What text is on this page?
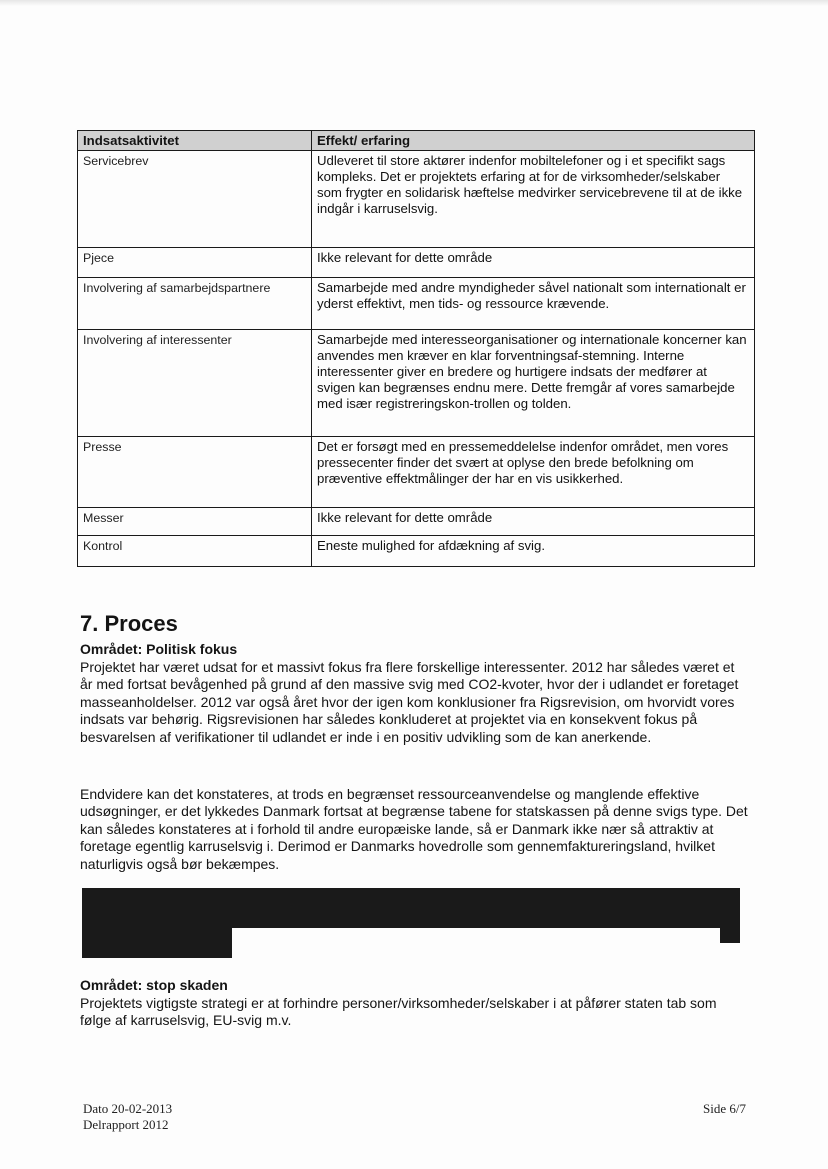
Indsatsaktivitet	Effekt/ erfaring
Servicebrev	Udleveret til store aktører indenfor mobiltelefoner og i et specifikt sags kompleks. Det er projektets erfaring at for de virksomheder/selskaber som frygter en solidarisk hæftelse medvirker servicebrevene til at de ikke indgår i karruselsvig.
Pjece	Ikke relevant for dette område
Involvering af samarbejdspartnere	Samarbejde med andre myndigheder såvel nationalt som internationalt er yderst effektivt, men tids- og ressource krævende.
Involvering af interessenter	Samarbejde med interesseorganisationer og internationale koncerner kan anvendes men kræver en klar forventningsaf-stemning. Interne interessenter giver en bredere og hurtigere indsats der medfører at svigen kan begrænses endnu mere. Dette fremgår af vores samarbejde med især registreringskon-trollen og tolden.
Presse	Det er forsøgt med en pressemeddelelse indenfor området, men vores pressecenter finder det svært at oplyse den brede befolkning om præventive effektmålinger der har en vis usikkerhed.
Messer	Ikke relevant for dette område
Kontrol	Eneste mulighed for afdækning af svig.
7. Proces
Området: Politisk fokus

Projektet har været udsat for et massivt fokus fra flere forskellige interessenter. 2012 har således været et år med fortsat bevågenhed på grund af den massive svig med CO2-kvoter, hvor der i udlandet er foretaget masseanholdelser. 2012 var også året hvor der igen kom konklusioner fra Rigsrevision, om hvorvidt vores indsats var behørig. Rigsrevisionen har således konkluderet at projektet via en konsekvent fokus på besvarelsen af verifikationer til udlandet er inde i en positiv udvikling som de kan anerkende.

Endvidere kan det konstateres, at trods en begrænset ressourceanvendelse og manglende effektive udsøgninger, er det lykkedes Danmark fortsat at begrænse tabene for statskassen på denne svigs type. Det kan således konstateres at i forhold til andre europæiske lande, så er Danmark ikke nær så attraktiv at foretage egentlig karruselsvig i. Derimod er Danmarks hovedrolle som gennemfaktureringsland, hvilket naturligvis også bør bekæmpes.

Området: stop skaden

Projektets vigtigste strategi er at forhindre personer/virksomheder/selskaber i at påfører staten tab som følge af karruselsvig, EU-svig m.v.

Dato 20-02-2013
Delrapport 2012
Side 6/7
